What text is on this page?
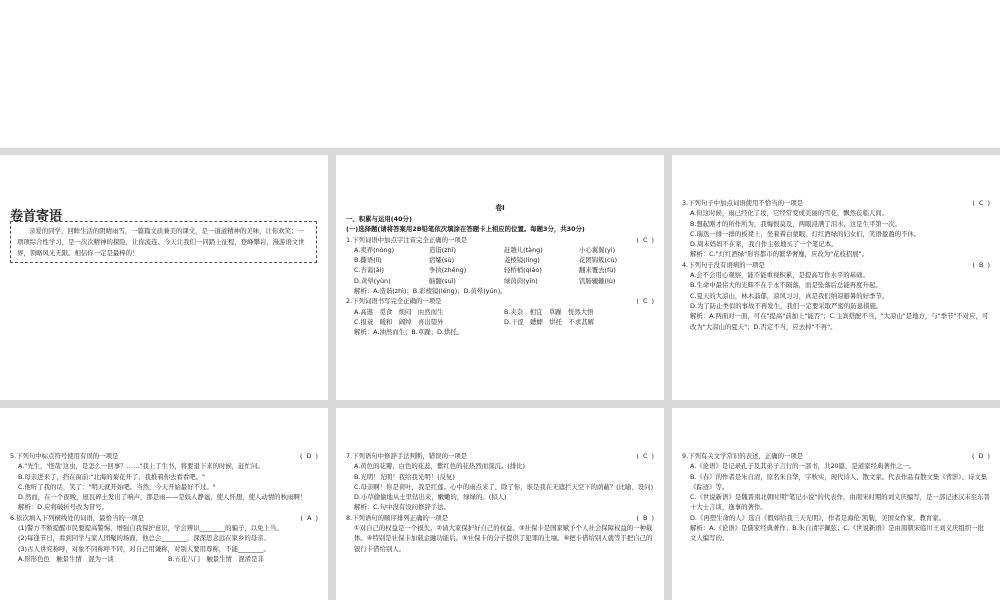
卷首寄语
亲爱的同学，回眸生活的阴晴雨雪，一篇篇文质兼美的课文，是一道道精神的美味，让你欢笑；一项项综合性学习，是一次次精神的探险，让你流连。今天让我们一同踏上征程，登峰攀岩，漫游语文世界，领略风光无限。相信你一定是最棒的！
卷Ⅰ
一、积累与运用(40分)
(一)选择题(请将答案用2B铅笔依次填涂在答题卡上相应的位置。每题3分，共30分)
1.下列词语中加点字注音完全正确的一项是	(  C  )
A.卖弄(nòng)	造诣(zhǐ)	赶趟儿(tàng)	小心翼翼(yì)
B.撕语(lǐ)	宿孀(sù)	菱棱镜(líng)	花团锦簇(cù)
C.杏蔼(ǎi)	争执(zhēng)	轻桥梢(qiáo)	翻来覆去(fù)
D.黄晕(yùn)	脑髓(suǐ)	绿茵茵(yīn)	饥肠辘辘(lù)
解析：A.造诣(zhì)；B.彩棱镜(léng)；D.黄晕(yūn)。
2.下列词语书写完全正确的一项是	(  C  )
A.高遨　觅食　烦闷　由然而生	B.夹杂　相宜　草躁　恍然大悟
C.报蓑　暖和　阔绰　喜出望外	D.干涩　蟋蟀　烘托　不求甚解
解析：A.油然而生；B.草躁；D.烘托。
3.下列句子中加点词语使用不恰当的一项是	(  C  )
A.但这时候，雨已经化了妆，它经常变成美丽的雪花，飘然莅临人间。
B.想起刚才的所作所为，我悔恨莫及，两眼浸满了泪水，这是生平第一次。
C.瑞迭一排一排的板凳上，坐着着白蒙眼，灯红酒绿的妇女们，笑语盈盈的不休。
D.周末妈妈不在家，我自作主张地买了一个笔记本。
解析：C."灯红酒绿"形容都市的繁华奢靡，应改为"花枝招展"。
4.下列句子没有语病的一项是	(  B  )
A.会不会用心观察，能不能重视积累，是提高写作水平的基础。
B.生命中最伟大的光辉不在于永不陨落，而是坠落后总能再度升起。
C.夏天的大凉山，林木蓊郁，凉风习习，真是我们纳凉避暑的好季节。
D.为了防止类似的事故不再发生，我们一定要采取严密的防患措施。
解析：A.两面对一面，可在"提高"前加上"能否"；C.主宾搭配不当，"大凉山"是地方，与"季节"不对应，可改为"大凉山的夏天"；D.否定不当，应去掉"不再"。
5.下列句中标点符号使用有误的一项是	(  D  )
A."先生，'怪哉'这虫，是怎么一回事？……"我上了生书，将要退下来的时候，赶忙问。
B.母亲进来了，挡在窗前:"北海的菊花开了，我推着你去看看吧。"
C.他听了我的话，笑了："明天就开始吧。当然，今天开始最好不过。"
D.然而，在一个夜晚，屋瓦碎土发出了响声，那是雨——是妓人静谧，使人怀想，使人动情的秋雨啊！
解析：D.应将破折号改为冒号。
6.依次填入下列横线处的词语，最恰当的一项是	(  A  )
(1)警方不断提醒市民要提高警惕，增强自我保护意识，学会辨识________的骗子，以免上当。
(2)每逢节日，看到同学与家人团聚的场面，他总会________，深深思念远在家乡的母亲。
(3)古人讲究称呼，对象不同称呼不同，对自己用谦称，对别人要用尊称，不能________。
A.形形色色　触景生情　混为一谈	B.五花八门　触景生情　混淆是非
7.下列语句中修辞手法判断，错误的一项是	(  C  )
A.黄色的花瓣，白色的花蕊，紫红色的花热烈而深沉。(排比)
B.光明！光明！我给我光明！(反复)
C.母亲啊！你是荷叶，我是红莲。心中的雨点来了，除了你，谁是我在无遮拦天空下的荫蔽？(比喻、设问)
D.小草偷偷地从土里钻出来，嫩嫩的，绿绿的。(拟人)
解析：C.句中没有设问修辞手法。
8.下列语句的顺序排列正确的一项是	(  B  )
①对自己的权益是一个损失。②请大家保护好自己的权益。③社保卡是国家赋予个人社会保障权益的一种载体。④特别是社保卡加载金融功能后。⑤社保卡的分子提供了犯罪的土壤。⑥把卡借给别人就等于把自己的银行卡借给别人。
9.下列有关文学常识的表述，正确的一项是	(  D  )
A.《论语》是记录孔子及其弟子言行的一部书，共20篇，是道家经典著作之一。
B.《春》的作者是朱自清，原名朱自华，字秋实，现代诗人、散文家。代表作品有散文集《背影》、诗文集《踪迹》等。
C.《世说新语》是魏晋南北朝时期"笔记小说"的代表作，由南宋时期的刘义庆编写，是一部记述汉末至东晋十大士言谈，逸事的著作。
D.《再塑生命的人》选自《假如给我三天光明》，作者是海伦·凯勒，美国女作家，教育家。
解析：A.《论语》是儒家经典著作；B.朱自清字佩弦；C.《世说新语》是由南朝宋临川王刘义庆组织一批文人编写的。
